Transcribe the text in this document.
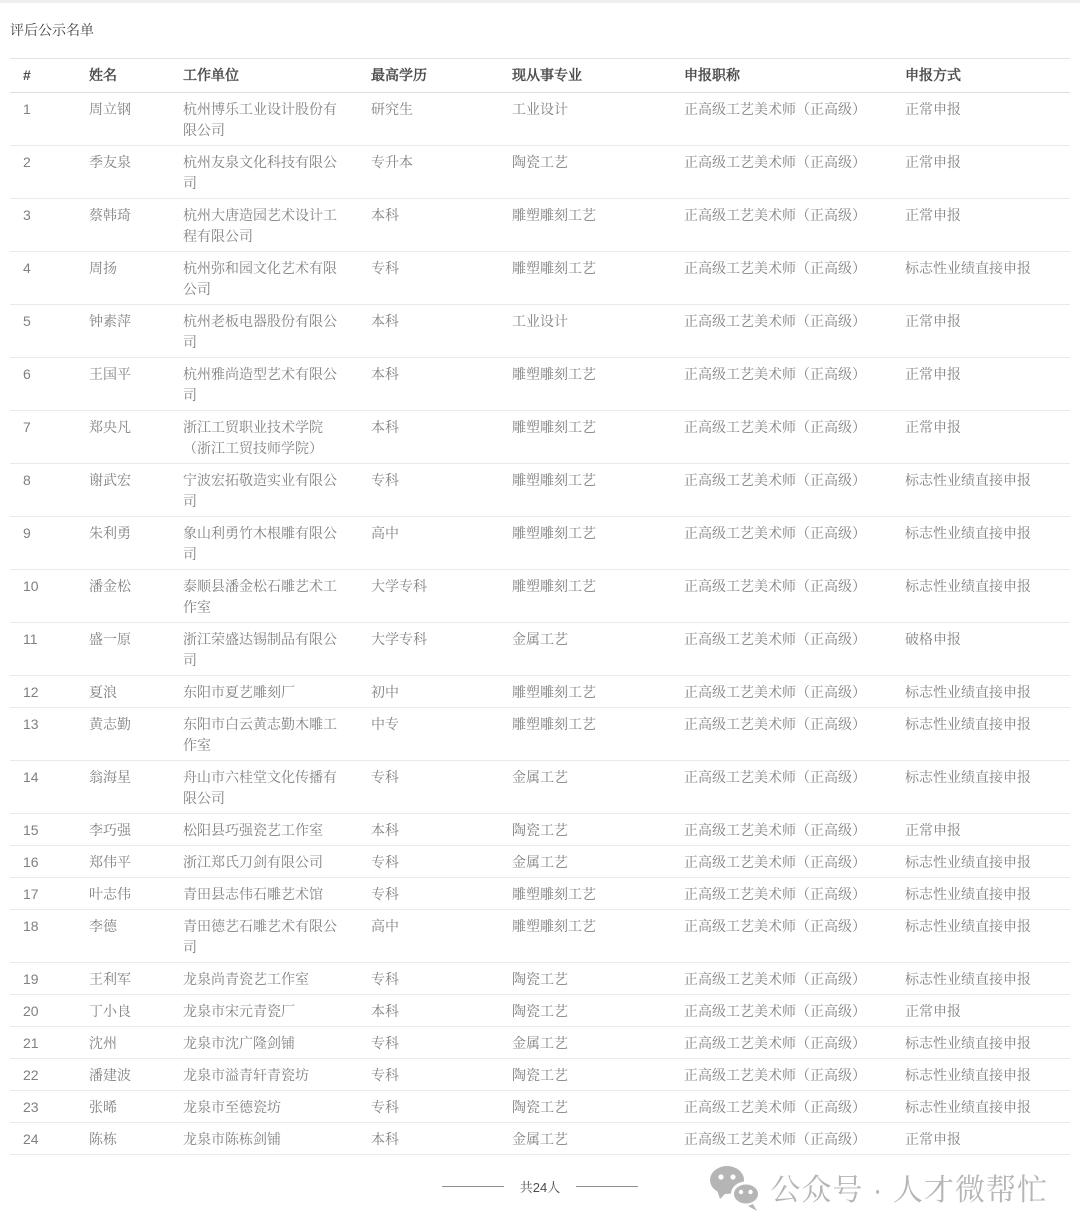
评后公示名单
#	姓名	工作单位	最高学历	现从事专业	申报职称	申报方式
1	周立钢	杭州博乐工业设计股份有限公司	研究生	工业设计	正高级工艺美术师（正高级）	正常申报
2	季友泉	杭州友泉文化科技有限公司	专升本	陶瓷工艺	正高级工艺美术师（正高级）	正常申报
3	蔡韩琦	杭州大唐造园艺术设计工程有限公司	本科	雕塑雕刻工艺	正高级工艺美术师（正高级）	正常申报
4	周扬	杭州弥和园文化艺术有限公司	专科	雕塑雕刻工艺	正高级工艺美术师（正高级）	标志性业绩直接申报
5	钟素萍	杭州老板电器股份有限公司	本科	工业设计	正高级工艺美术师（正高级）	正常申报
6	王国平	杭州雅尚造型艺术有限公司	本科	雕塑雕刻工艺	正高级工艺美术师（正高级）	正常申报
7	郑央凡	浙江工贸职业技术学院（浙江工贸技师学院）	本科	雕塑雕刻工艺	正高级工艺美术师（正高级）	正常申报
8	谢武宏	宁波宏拓敬造实业有限公司	专科	雕塑雕刻工艺	正高级工艺美术师（正高级）	标志性业绩直接申报
9	朱利勇	象山利勇竹木根雕有限公司	高中	雕塑雕刻工艺	正高级工艺美术师（正高级）	标志性业绩直接申报
10	潘金松	泰顺县潘金松石雕艺术工作室	大学专科	雕塑雕刻工艺	正高级工艺美术师（正高级）	标志性业绩直接申报
11	盛一原	浙江荣盛达锡制品有限公司	大学专科	金属工艺	正高级工艺美术师（正高级）	破格申报
12	夏浪	东阳市夏艺雕刻厂	初中	雕塑雕刻工艺	正高级工艺美术师（正高级）	标志性业绩直接申报
13	黄志勤	东阳市白云黄志勤木雕工作室	中专	雕塑雕刻工艺	正高级工艺美术师（正高级）	标志性业绩直接申报
14	翁海星	舟山市六桂堂文化传播有限公司	专科	金属工艺	正高级工艺美术师（正高级）	标志性业绩直接申报
15	李巧强	松阳县巧强瓷艺工作室	本科	陶瓷工艺	正高级工艺美术师（正高级）	正常申报
16	郑伟平	浙江郑氏刀剑有限公司	专科	金属工艺	正高级工艺美术师（正高级）	标志性业绩直接申报
17	叶志伟	青田县志伟石雕艺术馆	专科	雕塑雕刻工艺	正高级工艺美术师（正高级）	标志性业绩直接申报
18	李德	青田德艺石雕艺术有限公司	高中	雕塑雕刻工艺	正高级工艺美术师（正高级）	标志性业绩直接申报
19	王利军	龙泉尚青瓷艺工作室	专科	陶瓷工艺	正高级工艺美术师（正高级）	标志性业绩直接申报
20	丁小良	龙泉市宋元青瓷厂	本科	陶瓷工艺	正高级工艺美术师（正高级）	正常申报
21	沈州	龙泉市沈广隆剑铺	专科	金属工艺	正高级工艺美术师（正高级）	标志性业绩直接申报
22	潘建波	龙泉市溢青轩青瓷坊	专科	陶瓷工艺	正高级工艺美术师（正高级）	标志性业绩直接申报
23	张晞	龙泉市至德瓷坊	专科	陶瓷工艺	正高级工艺美术师（正高级）	标志性业绩直接申报
24	陈栋	龙泉市陈栋剑铺	本科	金属工艺	正高级工艺美术师（正高级）	正常申报
共24人	公众号 · 人才微帮忙
